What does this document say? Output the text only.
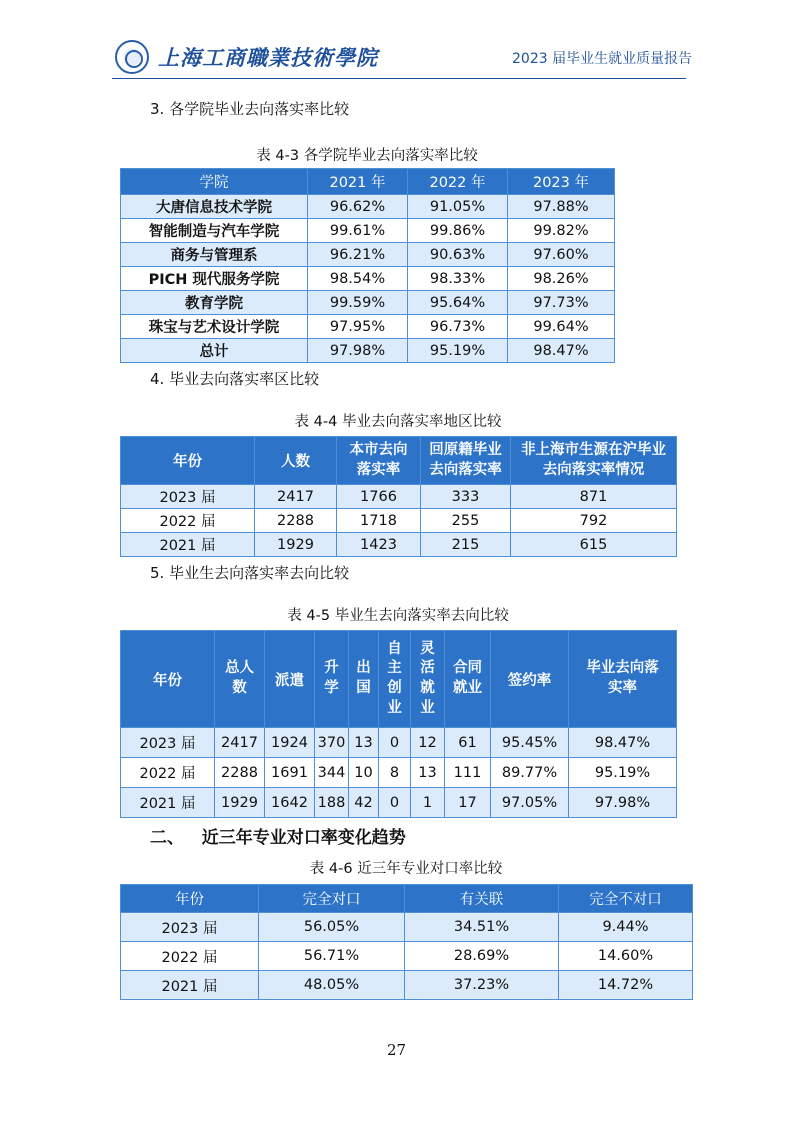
上海工商職業技術學院	2023 届毕业生就业质量报告
3. 各学院毕业去向落实率比较
表 4-3 各学院毕业去向落实率比较
学院	2021 年	2022 年	2023 年
大唐信息技术学院	96.62%	91.05%	97.88%
智能制造与汽车学院	99.61%	99.86%	99.82%
商务与管理系	96.21%	90.63%	97.60%
PICH 现代服务学院	98.54%	98.33%	98.26%
教育学院	99.59%	95.64%	97.73%
珠宝与艺术设计学院	97.95%	96.73%	99.64%
总计	97.98%	95.19%	98.47%
4. 毕业去向落实率区比较
表 4-4 毕业去向落实率地区比较
年份	人数	本市去向落实率	回原籍毕业去向落实率	非上海市生源在沪毕业去向落实率情况
2023 届	2417	1766	333	871
2022 届	2288	1718	255	792
2021 届	1929	1423	215	615
5. 毕业生去向落实率去向比较
表 4-5 毕业生去向落实率去向比较
年份	总人数	派遣	升学	出国	自主创业	灵活就业	合同就业	签约率	毕业去向落实率
2023 届	2417	1924	370	13	0	12	61	95.45%	98.47%
2022 届	2288	1691	344	10	8	13	111	89.77%	95.19%
2021 届	1929	1642	188	42	0	1	17	97.05%	97.98%
二、   近三年专业对口率变化趋势
表 4-6 近三年专业对口率比较
年份	完全对口	有关联	完全不对口
2023 届	56.05%	34.51%	9.44%
2022 届	56.71%	28.69%	14.60%
2021 届	48.05%	37.23%	14.72%
27
